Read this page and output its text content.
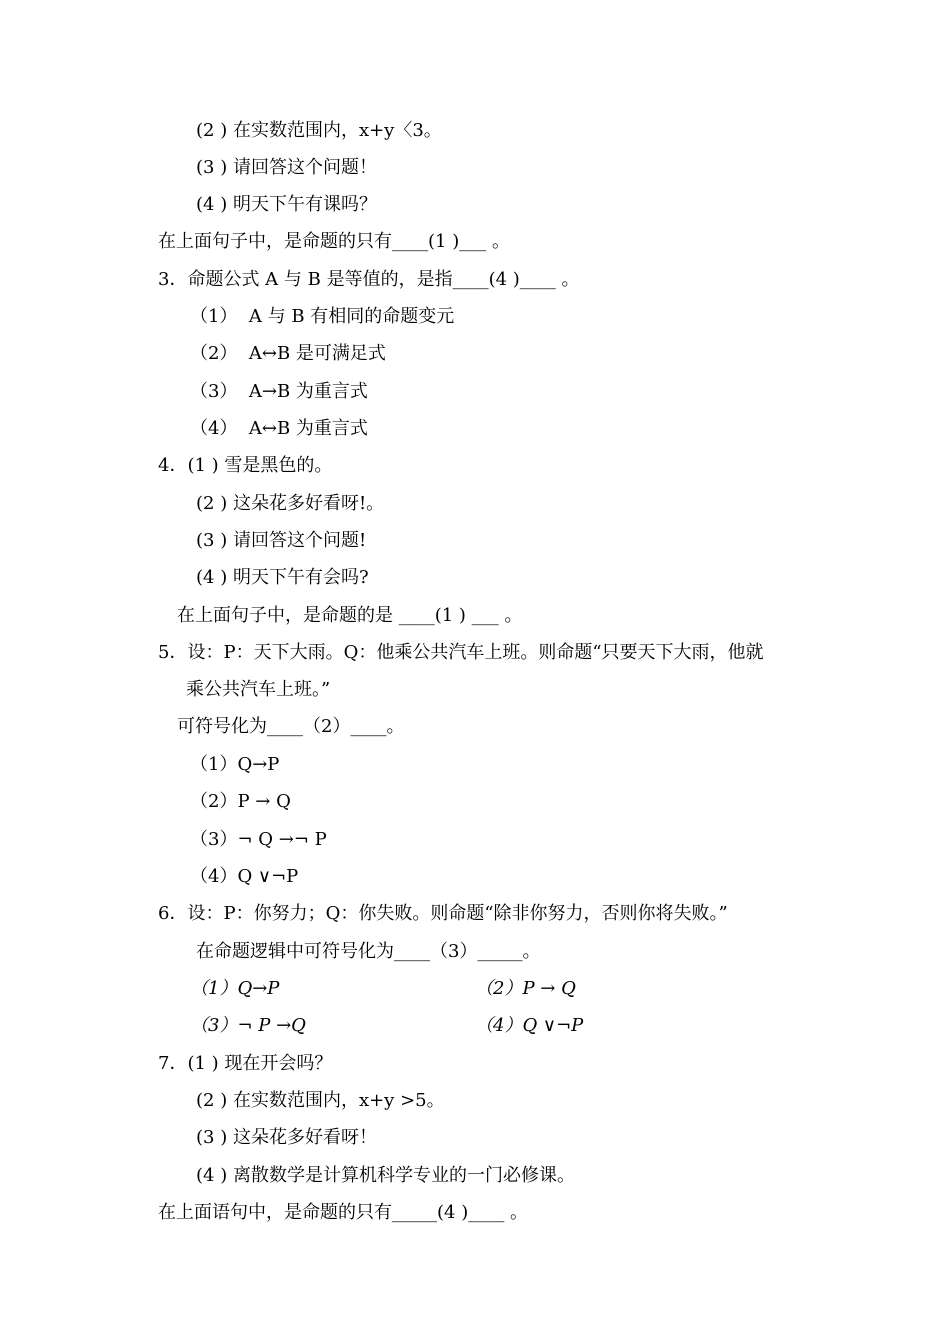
(2 ) 在实数范围内，x+y〈3。
(3 ) 请回答这个问题！
(4 ) 明天下午有课吗？
在上面句子中，是命题的只有____(1 )___ 。
3．命题公式 A 与 B 是等值的，是指____(4 )____ 。
（1）  A 与 B 有相同的命题变元
（2）  A↔B 是可满足式
（3）  A→B 为重言式
（4）  A↔B 为重言式
4．(1 ) 雪是黑色的。
(2 ) 这朵花多好看呀!。
(3 ) 请回答这个问题!
(4 ) 明天下午有会吗?
在上面句子中，是命题的是 ____(1 ) ___ 。
5．设：P：天下大雨。Q：他乘公共汽车上班。则命题“只要天下大雨，他就
乘公共汽车上班。”
可符号化为____（2）____。
（1）Q→P
（2）P → Q
（3）¬ Q →¬ P
（4）Q ∨¬P
6．设：P：你努力；Q：你失败。则命题“除非你努力，否则你将失败。”
在命题逻辑中可符号化为____（3）_____。
（1）Q→P	（2）P → Q
（3）¬ P →Q	（4）Q ∨¬P
7．(1 ) 现在开会吗？
(2 ) 在实数范围内，x+y >5。
(3 ) 这朵花多好看呀！
(4 ) 离散数学是计算机科学专业的一门必修课。
在上面语句中，是命题的只有_____(4 )____ 。
